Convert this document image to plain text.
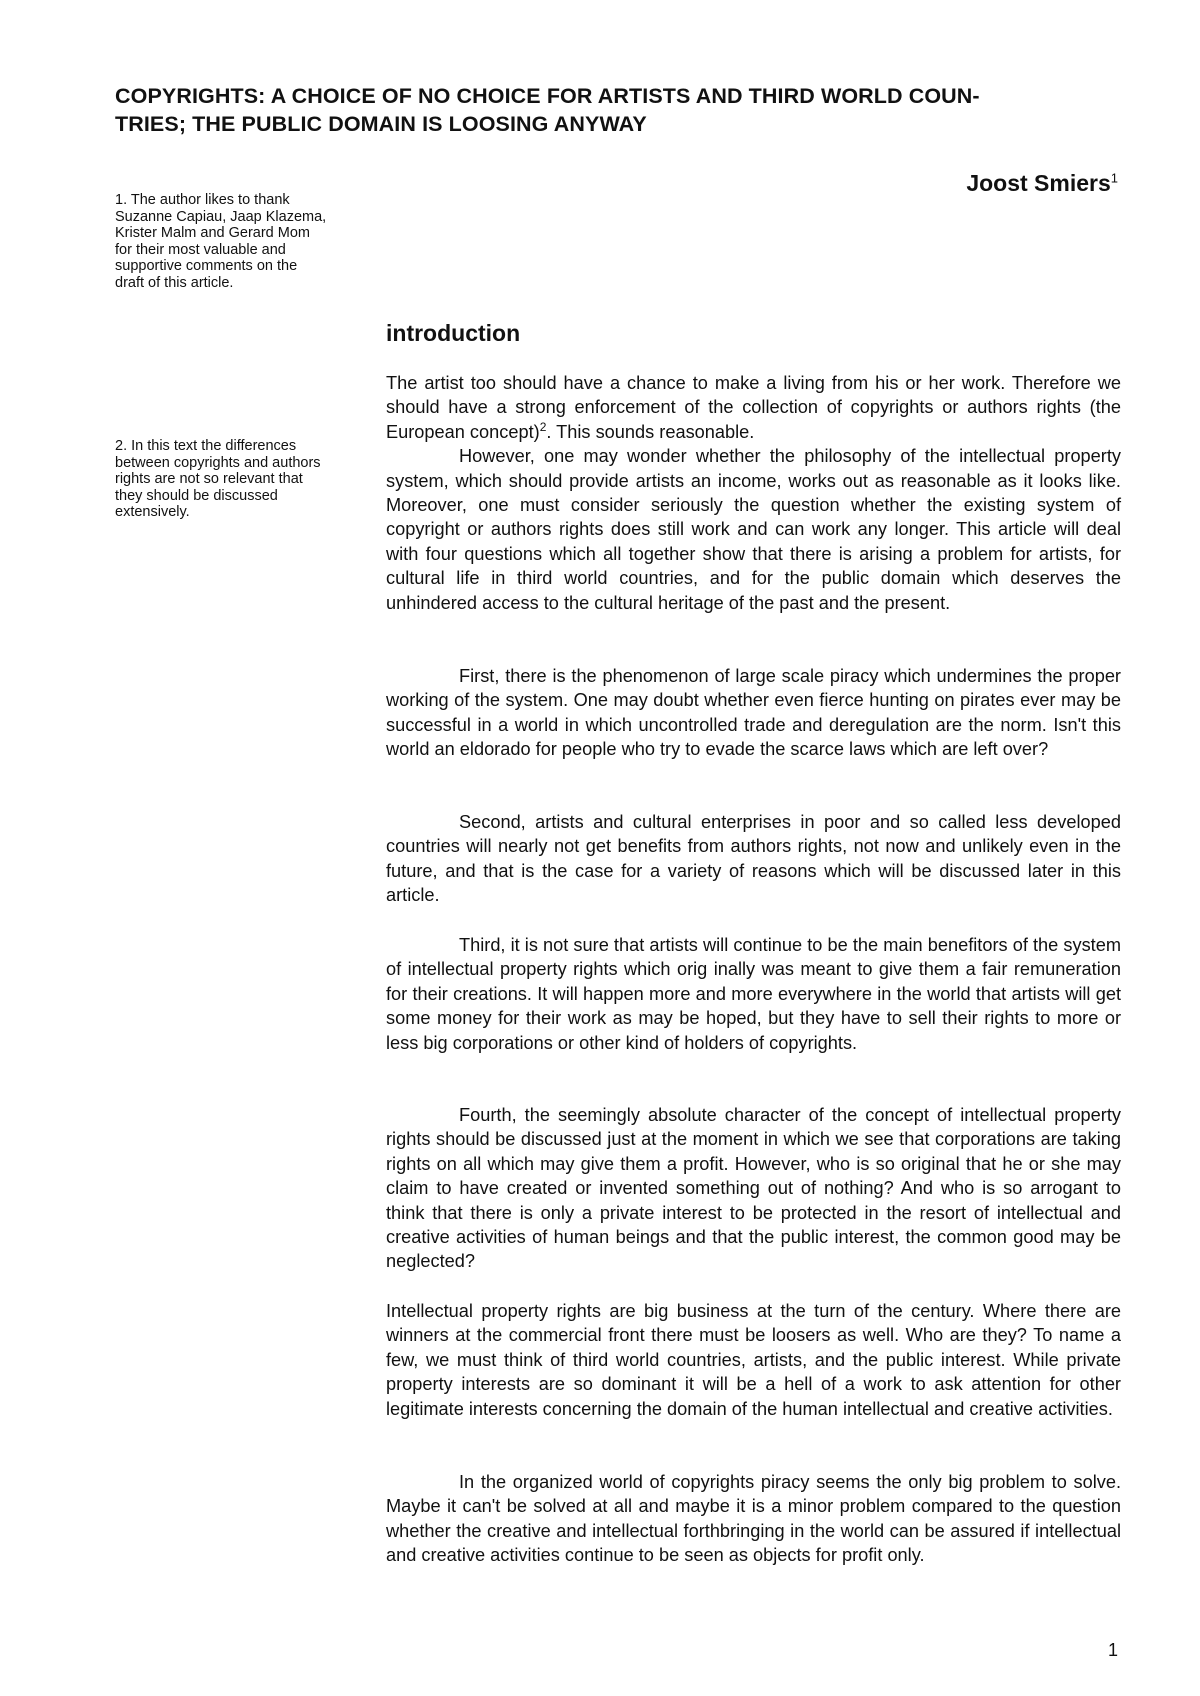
COPYRIGHTS: A CHOICE OF NO CHOICE FOR ARTISTS AND THIRD WORLD COUN-
TRIES; THE PUBLIC DOMAIN IS LOOSING ANYWAY
Joost Smiers$^1$
1. The author likes to thank
Suzanne Capiau, Jaap Klazema,
Krister Malm and Gerard Mom
for their most valuable and
supportive comments on the
draft of this article.
2. In this text the differences
between copyrights and authors
rights are not so relevant that
they should be discussed
extensively.
introduction
The artist too should have a chance to make a living from his or her work. Therefore we should have a strong enforcement of the collection of copyrights or authors rights (the European concept)$^2$. This sounds reasonable.
However, one may wonder whether the philosophy of the intellectual property system, which should provide artists an income, works out as reasonable as it looks like. Moreover, one must consider seriously the question whether the existing system of copyright or authors rights does still work and can work any longer. This article will deal with four questions which all together show that there is arising a problem for artists, for cultural life in third world countries, and for the public domain which deserves the unhindered access to the cultural heritage of the past and the present.
First, there is the phenomenon of large scale piracy which undermines the proper working of the system. One may doubt whether even fierce hunting on pirates ever may be successful in a world in which uncontrolled trade and deregulation are the norm. Isn't this world an eldorado for people who try to evade the scarce laws which are left over?
Second, artists and cultural enterprises in poor and so called less developed countries will nearly not get benefits from authors rights, not now and unlikely even in the future, and that is the case for a variety of reasons which will be discussed later in this article.
Third, it is not sure that artists will continue to be the main benefitors of the system of intellectual property rights which orig inally was meant to give them a fair remuneration for their creations. It will happen more and more everywhere in the world that artists will get some money for their work as may be hoped, but they have to sell their rights to more or less big corporations or other kind of holders of copyrights.
Fourth, the seemingly absolute character of the concept of intellectual property rights should be discussed just at the moment in which we see that corporations are taking rights on all which may give them a profit. However, who is so original that he or she may claim to have created or invented something out of nothing? And who is so arrogant to think that there is only a private interest to be protected in the resort of intellectual and creative activities of human beings and that the public interest, the common good may be neglected?
Intellectual property rights are big business at the turn of the century. Where there are winners at the commercial front there must be loosers as well. Who are they? To name a few, we must think of third world countries, artists, and the public interest. While private property interests are so dominant it will be a hell of a work to ask attention for other legitimate interests concerning the domain of the human intellectual and creative activities.
In the organized world of copyrights piracy seems the only big problem to solve. Maybe it can't be solved at all and maybe it is a minor problem compared to the question whether the creative and intellectual forthbringing in the world can be assured if intellectual and creative activities continue to be seen as objects for profit only.
1
